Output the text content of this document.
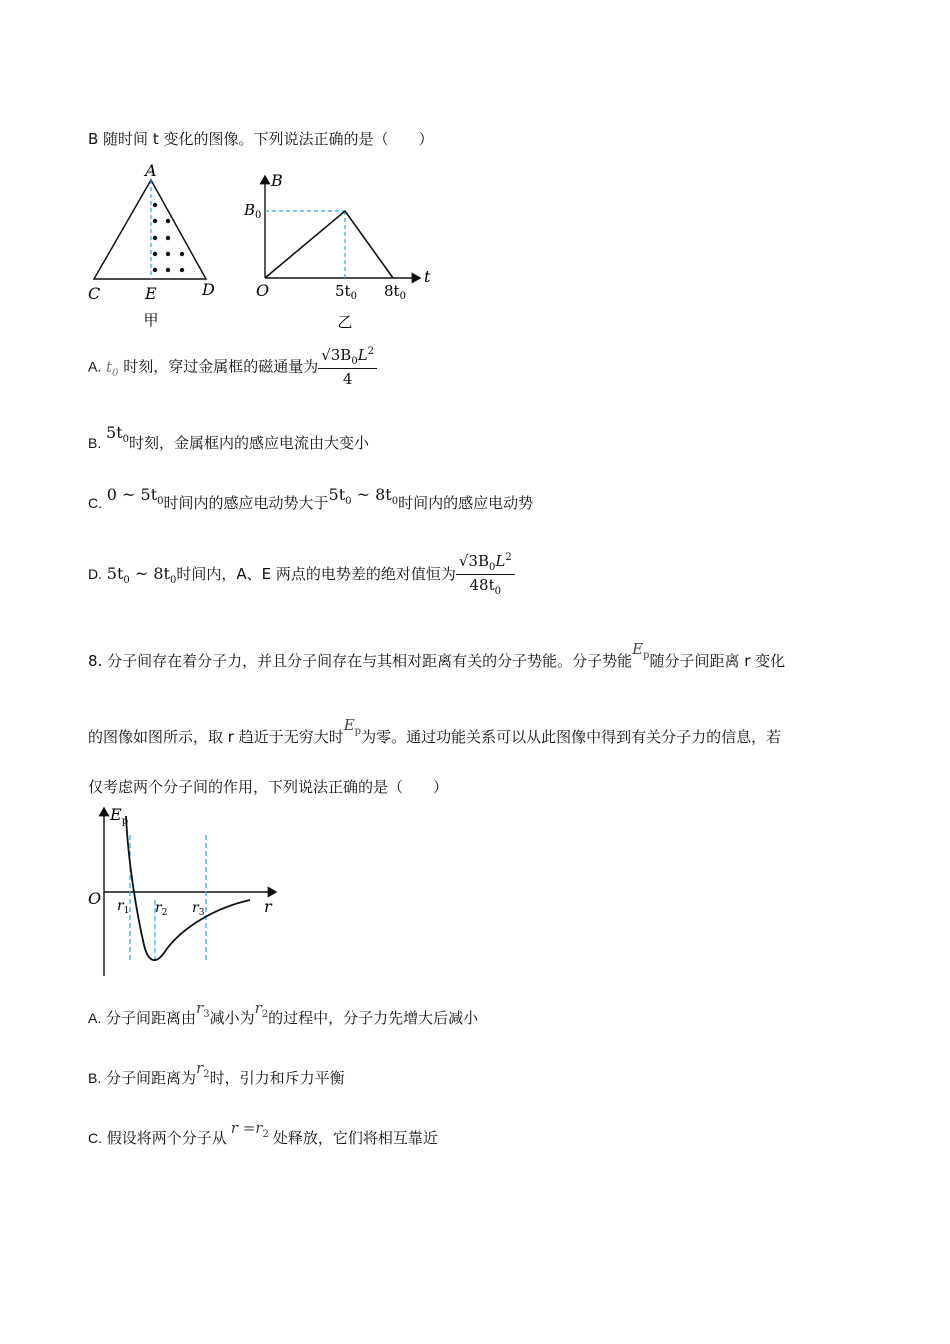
B 随时间 t 变化的图像。下列说法正确的是（　　）
A
C	E	D
甲
B
t
O
$B_0$
$5t_0$ $8t_0$
乙
A. $t_0$ 时刻，穿过金属框的磁通量为 $\frac{√3B_0L^2}{4}$
B. $5t_0$时刻，金属框内的感应电流由大变小
C. 0 ~ $5t_0$时间内的感应电动势大于$5t_0$ ~ $8t_0$时间内的感应电动势
D. $5t_0$ ~ $8t_0$时间内，A、E 两点的电势差的绝对值恒为 $\frac{√3B_0L^2}{48t_0}$
8. 分子间存在着分子力，并且分子间存在与其相对距离有关的分子势能。分子势能$E_p$随分子间距离 r 变化
的图像如图所示，取 r 趋近于无穷大时$E_p$为零。通过功能关系可以从此图像中得到有关分子力的信息，若
仅考虑两个分子间的作用，下列说法正确的是（　　）
$E_p$
r
O $r_1$ $r_2$ $r_3$
A. 分子间距离由$r_3$减小为$r_2$的过程中，分子力先增大后减小
B. 分子间距离为$r_2$时，引力和斥力平衡
C. 假设将两个分子从$r =r_2$ 处释放，它们将相互靠近
